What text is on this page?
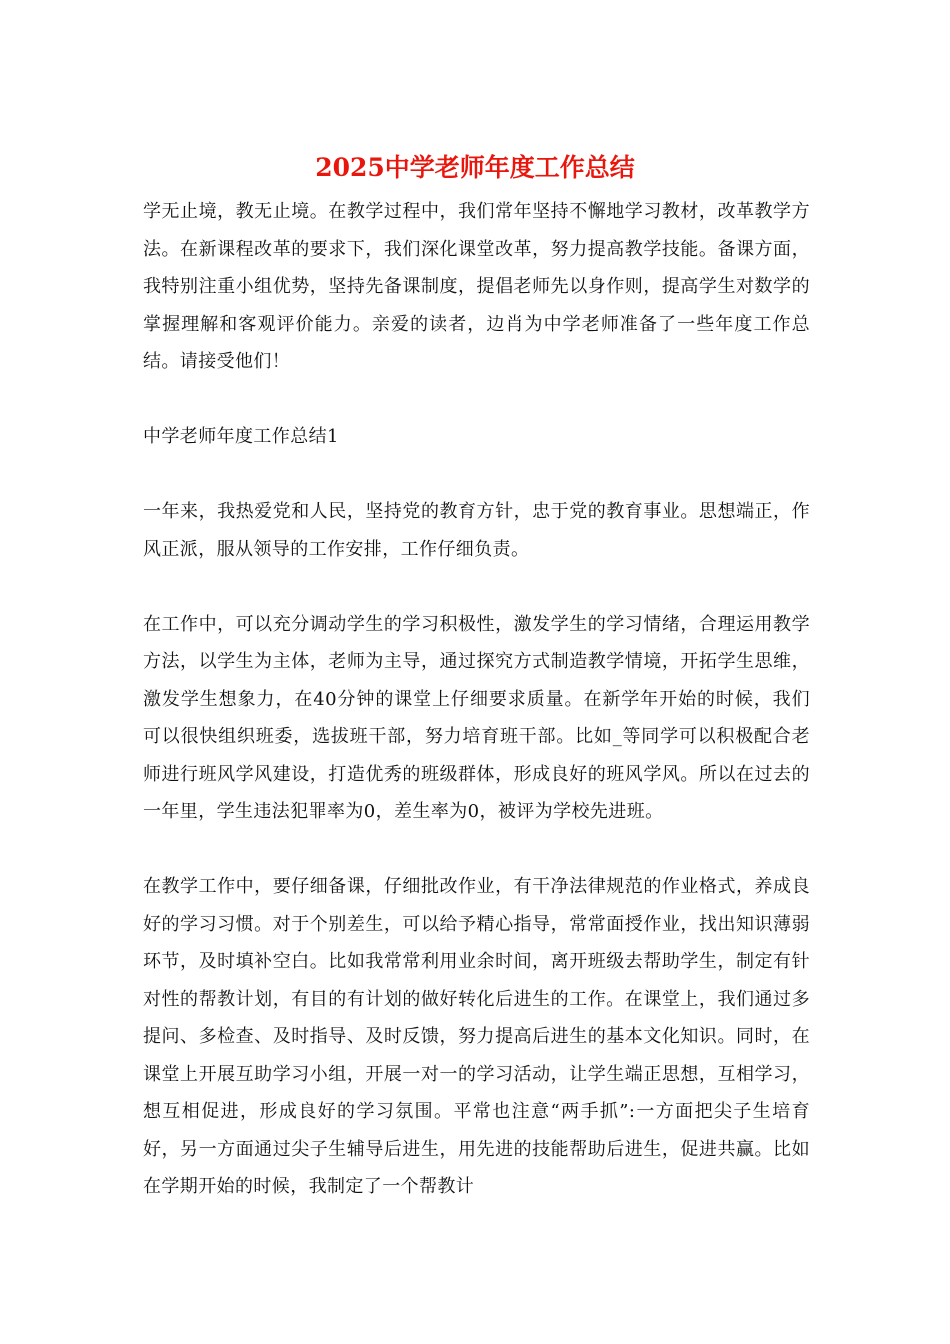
2025中学老师年度工作总结

学无止境，教无止境。在教学过程中，我们常年坚持不懈地学习教材，改革教学方法。在新课程改革的要求下，我们深化课堂改革，努力提高教学技能。备课方面，我特别注重小组优势，坚持先备课制度，提倡老师先以身作则，提高学生对数学的掌握理解和客观评价能力。亲爱的读者，边肖为中学老师准备了一些年度工作总结。请接受他们！

中学老师年度工作总结1

一年来，我热爱党和人民，坚持党的教育方针，忠于党的教育事业。思想端正，作风正派，服从领导的工作安排，工作仔细负责。

在工作中，可以充分调动学生的学习积极性，激发学生的学习情绪，合理运用教学方法，以学生为主体，老师为主导，通过探究方式制造教学情境，开拓学生思维，激发学生想象力，在40分钟的课堂上仔细要求质量。在新学年开始的时候，我们可以很快组织班委，选拔班干部，努力培育班干部。比如_等同学可以积极配合老师进行班风学风建设，打造优秀的班级群体，形成良好的班风学风。所以在过去的一年里，学生违法犯罪率为0，差生率为0，被评为学校先进班。

在教学工作中，要仔细备课，仔细批改作业，有干净法律规范的作业格式，养成良好的学习习惯。对于个别差生，可以给予精心指导，常常面授作业，找出知识薄弱环节，及时填补空白。比如我常常利用业余时间，离开班级去帮助学生，制定有针对性的帮教计划，有目的有计划的做好转化后进生的工作。在课堂上，我们通过多提问、多检查、及时指导、及时反馈，努力提高后进生的基本文化知识。同时，在课堂上开展互助学习小组，开展一对一的学习活动，让学生端正思想，互相学习，想互相促进，形成良好的学习氛围。平常也注意“两手抓”:一方面把尖子生培育好，另一方面通过尖子生辅导后进生，用先进的技能帮助后进生，促进共赢。比如在学期开始的时候，我制定了一个帮教计
